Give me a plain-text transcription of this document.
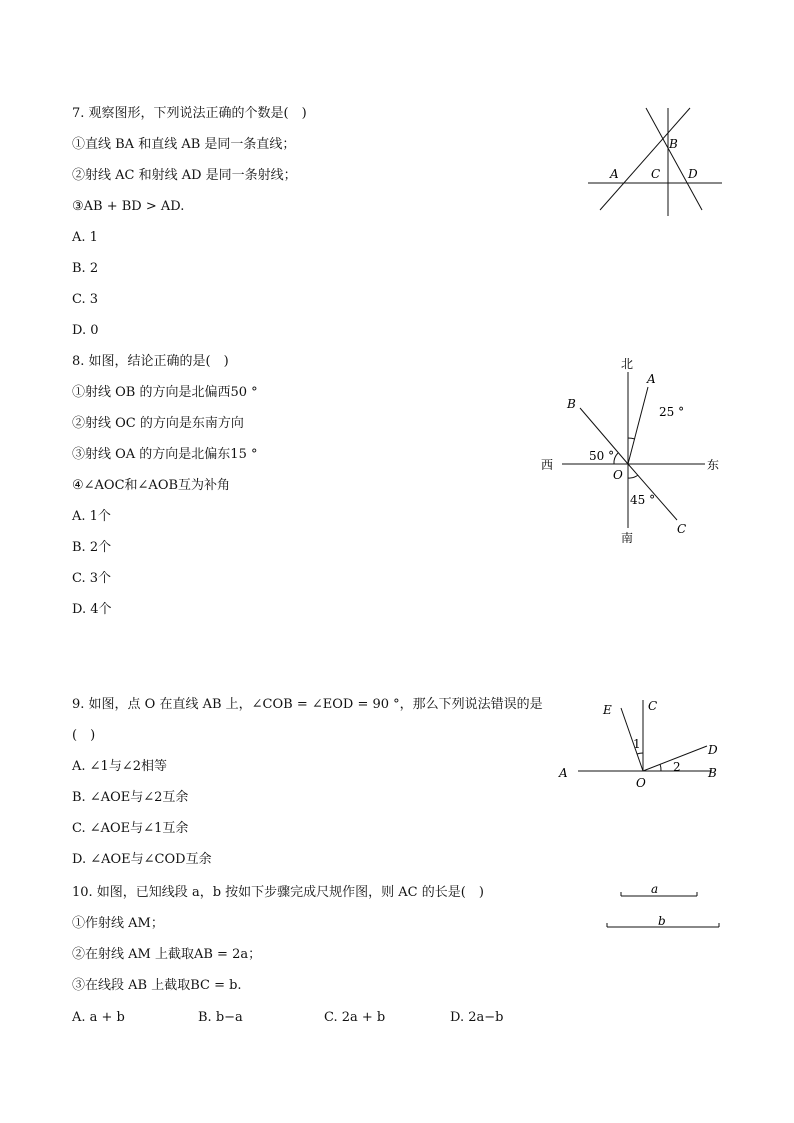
7. 观察图形，下列说法正确的个数是(　)
①直线 BA 和直线 AB 是同一条直线；
②射线 AC 和射线 AD 是同一条射线；
③AB + BD > AD.
A. 1
B. 2
C. 3
D. 0
A
B
C D
8. 如图，结论正确的是(　)
①射线 OB 的方向是北偏西50 °
②射线 OC 的方向是东南方向
③射线 OA 的方向是北偏东15 °
④∠AOC和∠AOB互为补角
A. 1个
B. 2个
C. 3个
D. 4个
北
南
西	东
O
A
B
C
25 °
50 °
45 °
9. 如图，点 O 在直线 AB 上，∠COB = ∠EOD = 90 °，那么下列说法错误的是
(　)
A. ∠1与∠2相等
B. ∠AOE与∠2互余
C. ∠AOE与∠1互余
D. ∠AOE与∠COD互余
E	C
D
A
O
B
1
2
10. 如图，已知线段 a，b 按如下步骤完成尺规作图，则 AC 的长是(　)
①作射线 AM；
②在射线 AM 上截取AB = 2a；
③在线段 AB 上截取BC = b.
A. a + b	B. b−a	C. 2a + b	D. 2a−b
a
b
